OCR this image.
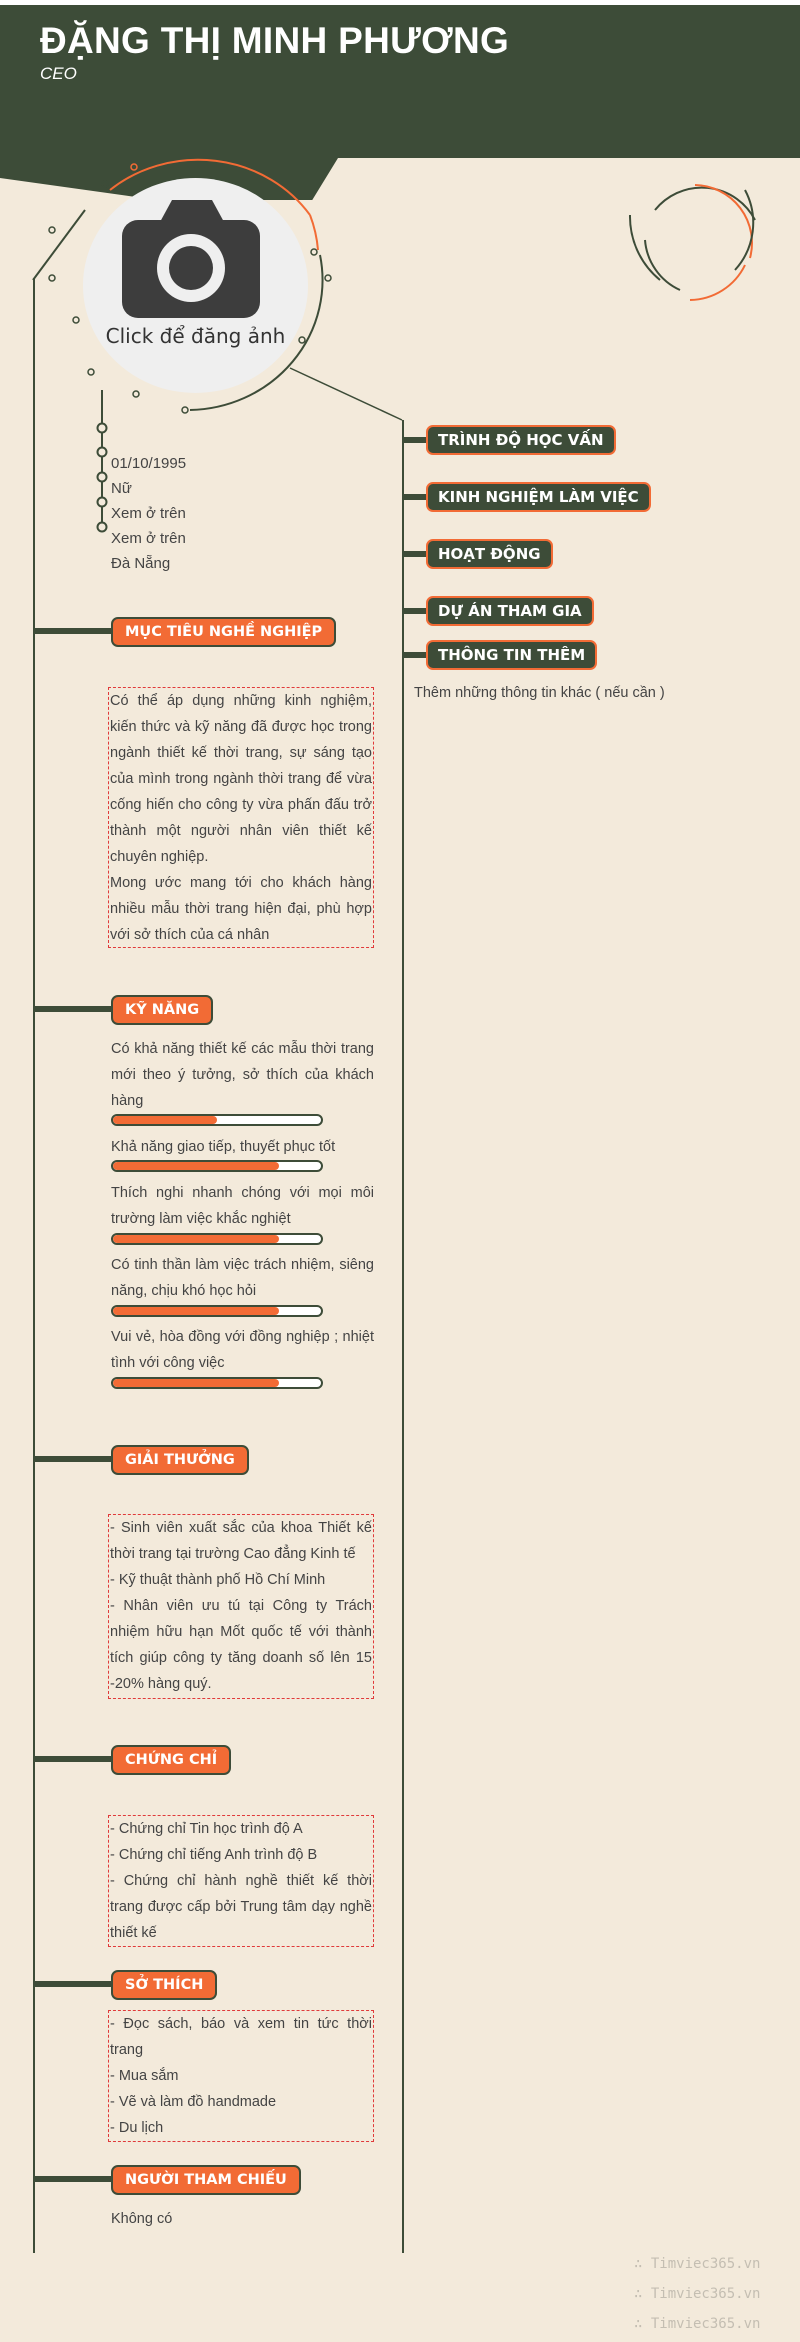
ĐẶNG THỊ MINH PHƯƠNG
CEO
Click để đăng ảnh
01/10/1995
Nữ
Xem ở trên
Xem ở trên
Đà Nẵng
MỤC TIÊU NGHỀ NGHIỆP
Có thể áp dụng những kinh nghiệm, kiến thức và kỹ năng đã được học trong ngành thiết kế thời trang, sự sáng tạo của mình trong ngành thời trang để vừa cống hiến cho công ty vừa phấn đấu trở thành một người nhân viên thiết kế chuyên nghiệp.
Mong ước mang tới cho khách hàng nhiều mẫu thời trang hiện đại, phù hợp với sở thích của cá nhân
KỸ NĂNG
Có khả năng thiết kế các mẫu thời trang mới theo ý tưởng, sở thích của khách hàng
Khả năng giao tiếp, thuyết phục tốt
Thích nghi nhanh chóng với mọi môi trường làm việc khắc nghiệt
Có tinh thần làm việc trách nhiệm, siêng năng, chịu khó học hỏi
Vui vẻ, hòa đồng với đồng nghiệp ; nhiệt tình với công việc
GIẢI THƯỞNG
- Sinh viên xuất sắc của khoa Thiết kế thời trang tại trường Cao đẳng Kinh tế
- Kỹ thuật thành phố Hồ Chí Minh
- Nhân viên ưu tú tại Công ty Trách nhiệm hữu hạn Mốt quốc tế với thành tích giúp công ty tăng doanh số lên 15 -20% hàng quý.
CHỨNG CHỈ
- Chứng chỉ Tin học trình độ A
- Chứng chỉ tiếng Anh trình độ B
- Chứng chỉ hành nghề thiết kế thời trang được cấp bởi Trung tâm dạy nghề thiết kế
SỞ THÍCH
- Đọc sách, báo và xem tin tức thời trang
- Mua sắm
- Vẽ và làm đồ handmade
- Du lịch
NGƯỜI THAM CHIẾU
Không có
TRÌNH ĐỘ HỌC VẤN
KINH NGHIỆM LÀM VIỆC
HOẠT ĐỘNG
DỰ ÁN THAM GIA
THÔNG TIN THÊM
Thêm những thông tin khác ( nếu cần )
∴ Timviec365.vn
∴ Timviec365.vn
∴ Timviec365.vn
